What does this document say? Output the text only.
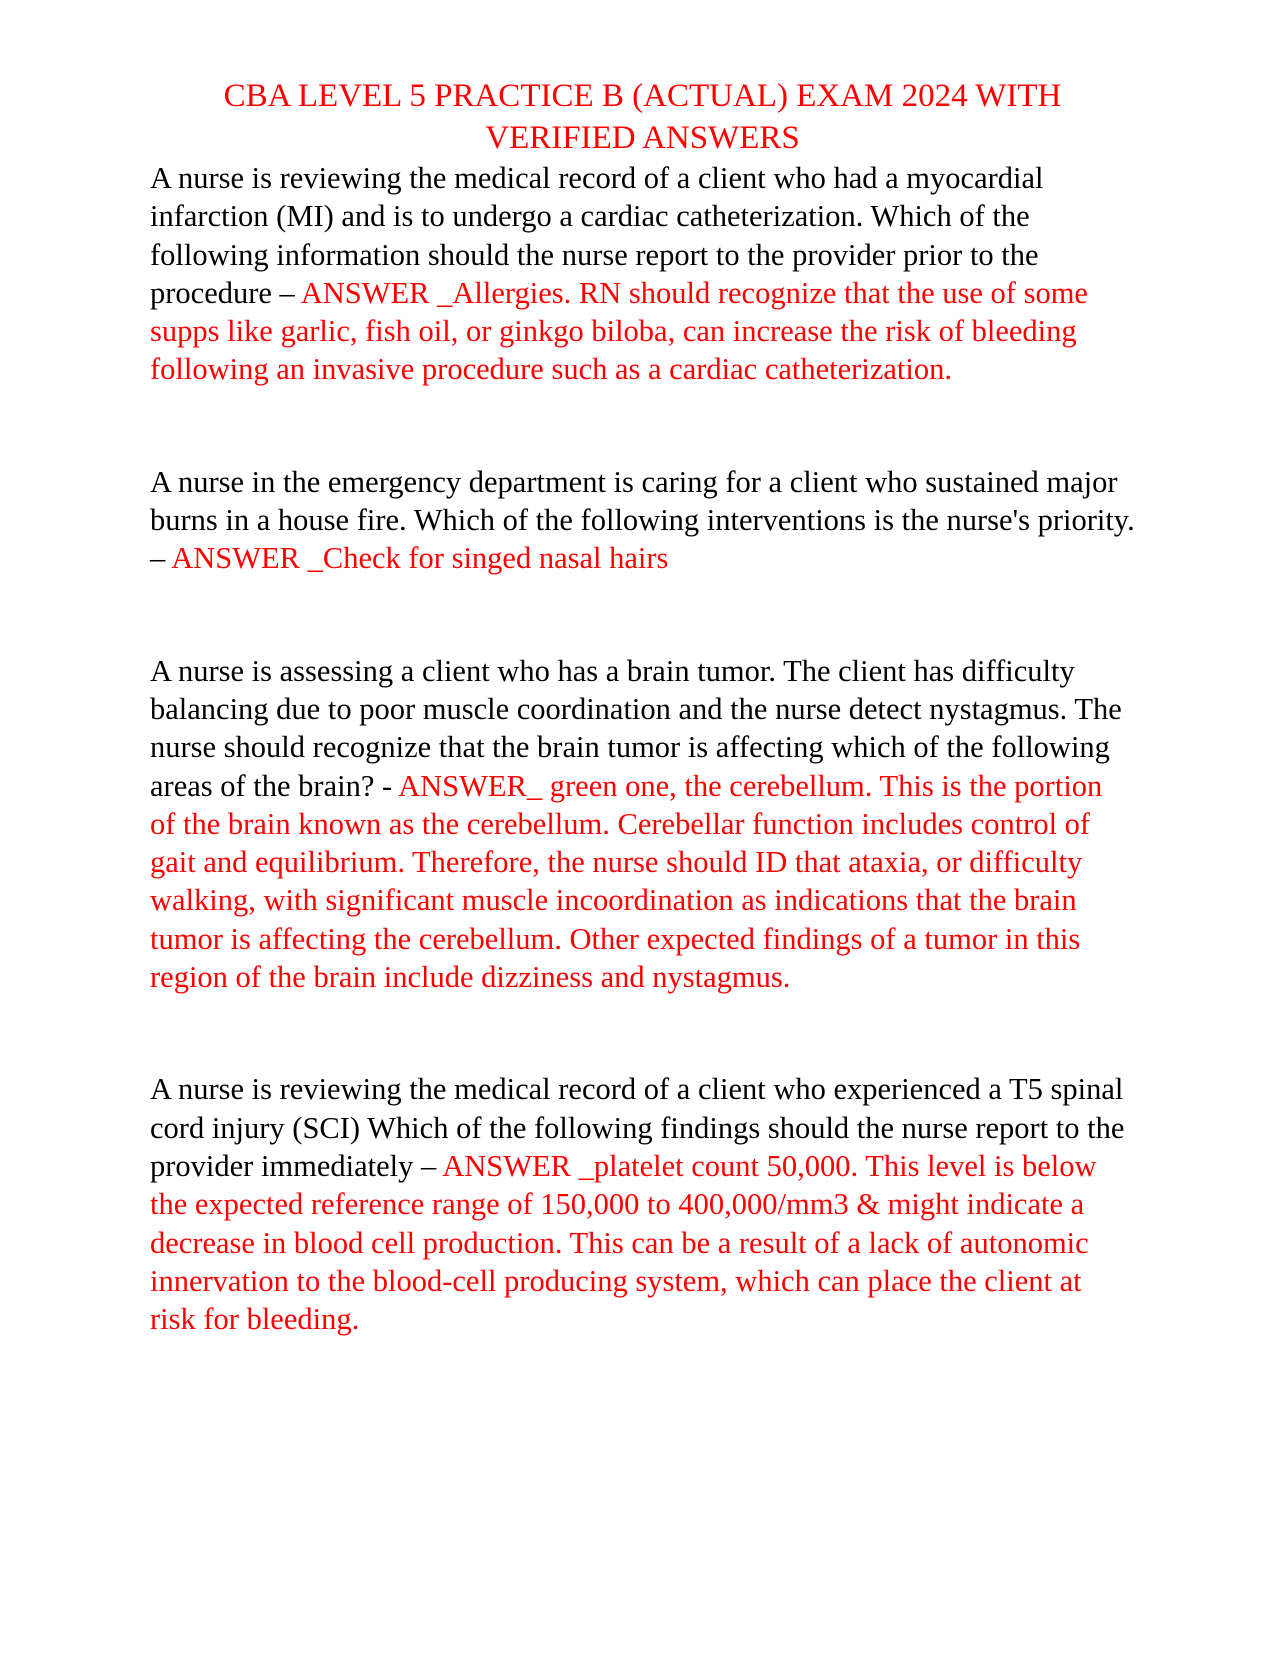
CBA LEVEL 5 PRACTICE B (ACTUAL) EXAM 2024 WITH VERIFIED ANSWERS

A nurse is reviewing the medical record of a client who had a myocardial infarction (MI) and is to undergo a cardiac catheterization. Which of the following information should the nurse report to the provider prior to the procedure – ANSWER _Allergies. RN should recognize that the use of some supps like garlic, fish oil, or ginkgo biloba, can increase the risk of bleeding following an invasive procedure such as a cardiac catheterization.

A nurse in the emergency department is caring for a client who sustained major burns in a house fire. Which of the following interventions is the nurse's priority. – ANSWER _Check for singed nasal hairs

A nurse is assessing a client who has a brain tumor. The client has difficulty balancing due to poor muscle coordination and the nurse detect nystagmus. The nurse should recognize that the brain tumor is affecting which of the following areas of the brain? - ANSWER_ green one, the cerebellum. This is the portion of the brain known as the cerebellum. Cerebellar function includes control of gait and equilibrium. Therefore, the nurse should ID that ataxia, or difficulty walking, with significant muscle incoordination as indications that the brain tumor is affecting the cerebellum. Other expected findings of a tumor in this region of the brain include dizziness and nystagmus.

A nurse is reviewing the medical record of a client who experienced a T5 spinal cord injury (SCI) Which of the following findings should the nurse report to the provider immediately – ANSWER _platelet count 50,000. This level is below the expected reference range of 150,000 to 400,000/mm3 & might indicate a decrease in blood cell production. This can be a result of a lack of autonomic innervation to the blood-cell producing system, which can place the client at risk for bleeding.
